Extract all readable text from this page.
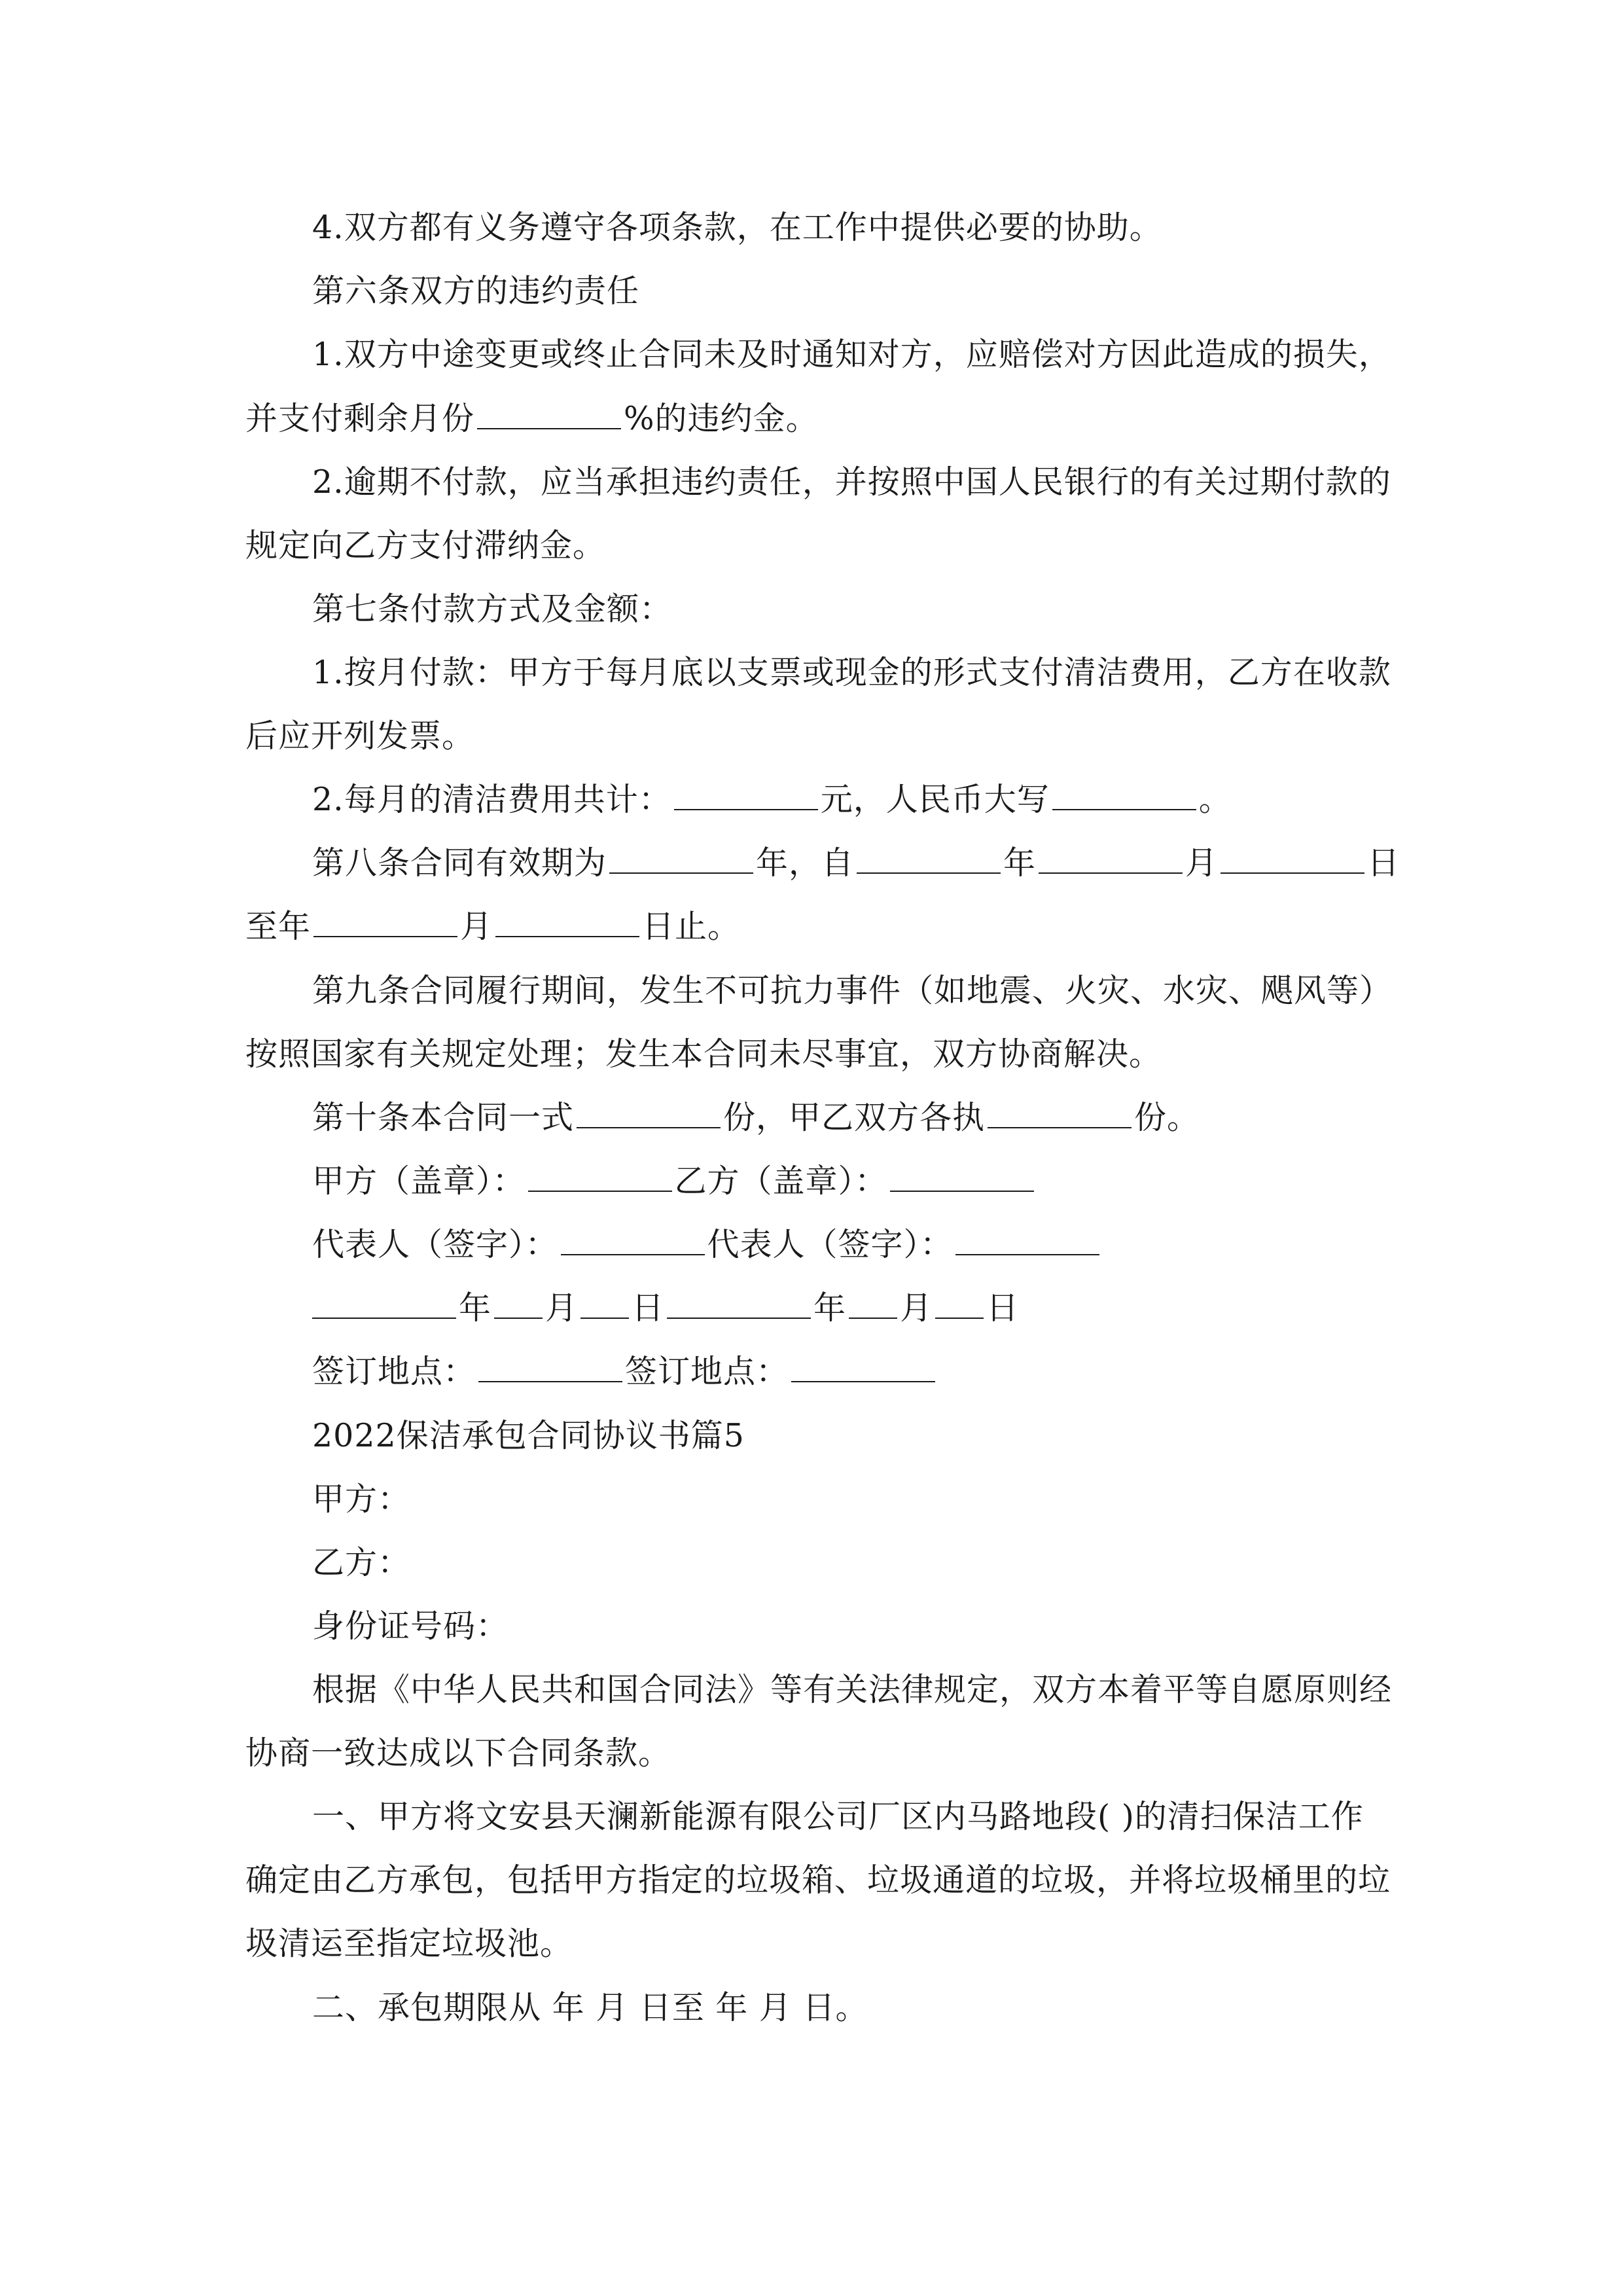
4.双方都有义务遵守各项条款，在工作中提供必要的协助。
第六条双方的违约责任
1.双方中途变更或终止合同未及时通知对方，应赔偿对方因此造成的损失，
并支付剩余月份	%的违约金。
2.逾期不付款，应当承担违约责任，并按照中国人民银行的有关过期付款的
规定向乙方支付滞纳金。
第七条付款方式及金额：
1.按月付款：甲方于每月底以支票或现金的形式支付清洁费用，乙方在收款
后应开列发票。
2.每月的清洁费用共计：	元，人民币大写	。
第八条合同有效期为	年，自	年	月	日
至年	月	日止。
第九条合同履行期间，发生不可抗力事件（如地震、火灾、水灾、飓风等）
按照国家有关规定处理；发生本合同未尽事宜，双方协商解决。
第十条本合同一式	份，甲乙双方各执	份。
甲方（盖章）：	乙方（盖章）：
代表人（签字）：	代表人（签字）：
年 月 日	年 月 日
签订地点：	签订地点：
2022保洁承包合同协议书篇5
甲方：
乙方：
身份证号码：
根据《中华人民共和国合同法》等有关法律规定，双方本着平等自愿原则经
协商一致达成以下合同条款。
一、甲方将文安县天澜新能源有限公司厂区内马路地段( )的清扫保洁工作
确定由乙方承包，包括甲方指定的垃圾箱、垃圾通道的垃圾，并将垃圾桶里的垃
圾清运至指定垃圾池。
二、承包期限从 年 月 日至 年 月 日。
